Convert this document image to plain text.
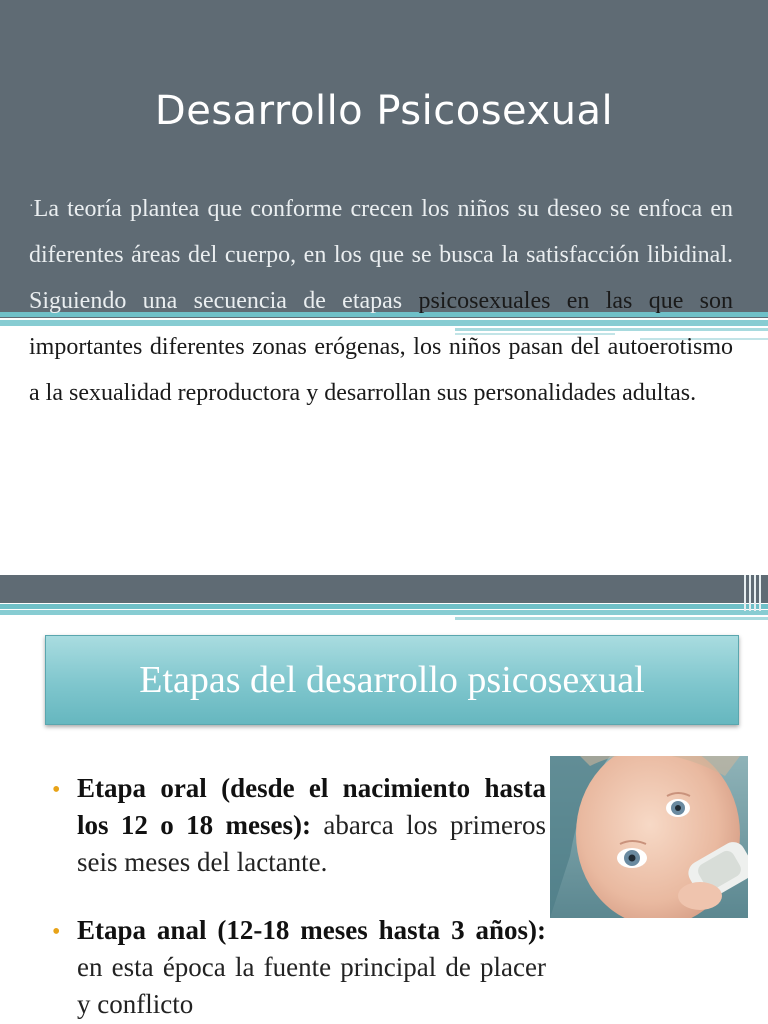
Desarrollo Psicosexual
·La teoría plantea que conforme crecen los niños su deseo se enfoca en diferentes áreas del cuerpo, en los que se busca la satisfacción libidinal. Siguiendo una secuencia de etapas psicosexuales en las que son importantes diferentes zonas erógenas, los niños pasan del autoerotismo a la sexualidad reproductora y desarrollan sus personalidades adultas.
Etapas del desarrollo psicosexual
• Etapa oral (desde el nacimiento hasta los 12 o 18 meses): abarca los primeros seis meses del lactante.
• Etapa anal (12-18 meses hasta 3 años): en esta época la fuente principal de placer y conflicto
